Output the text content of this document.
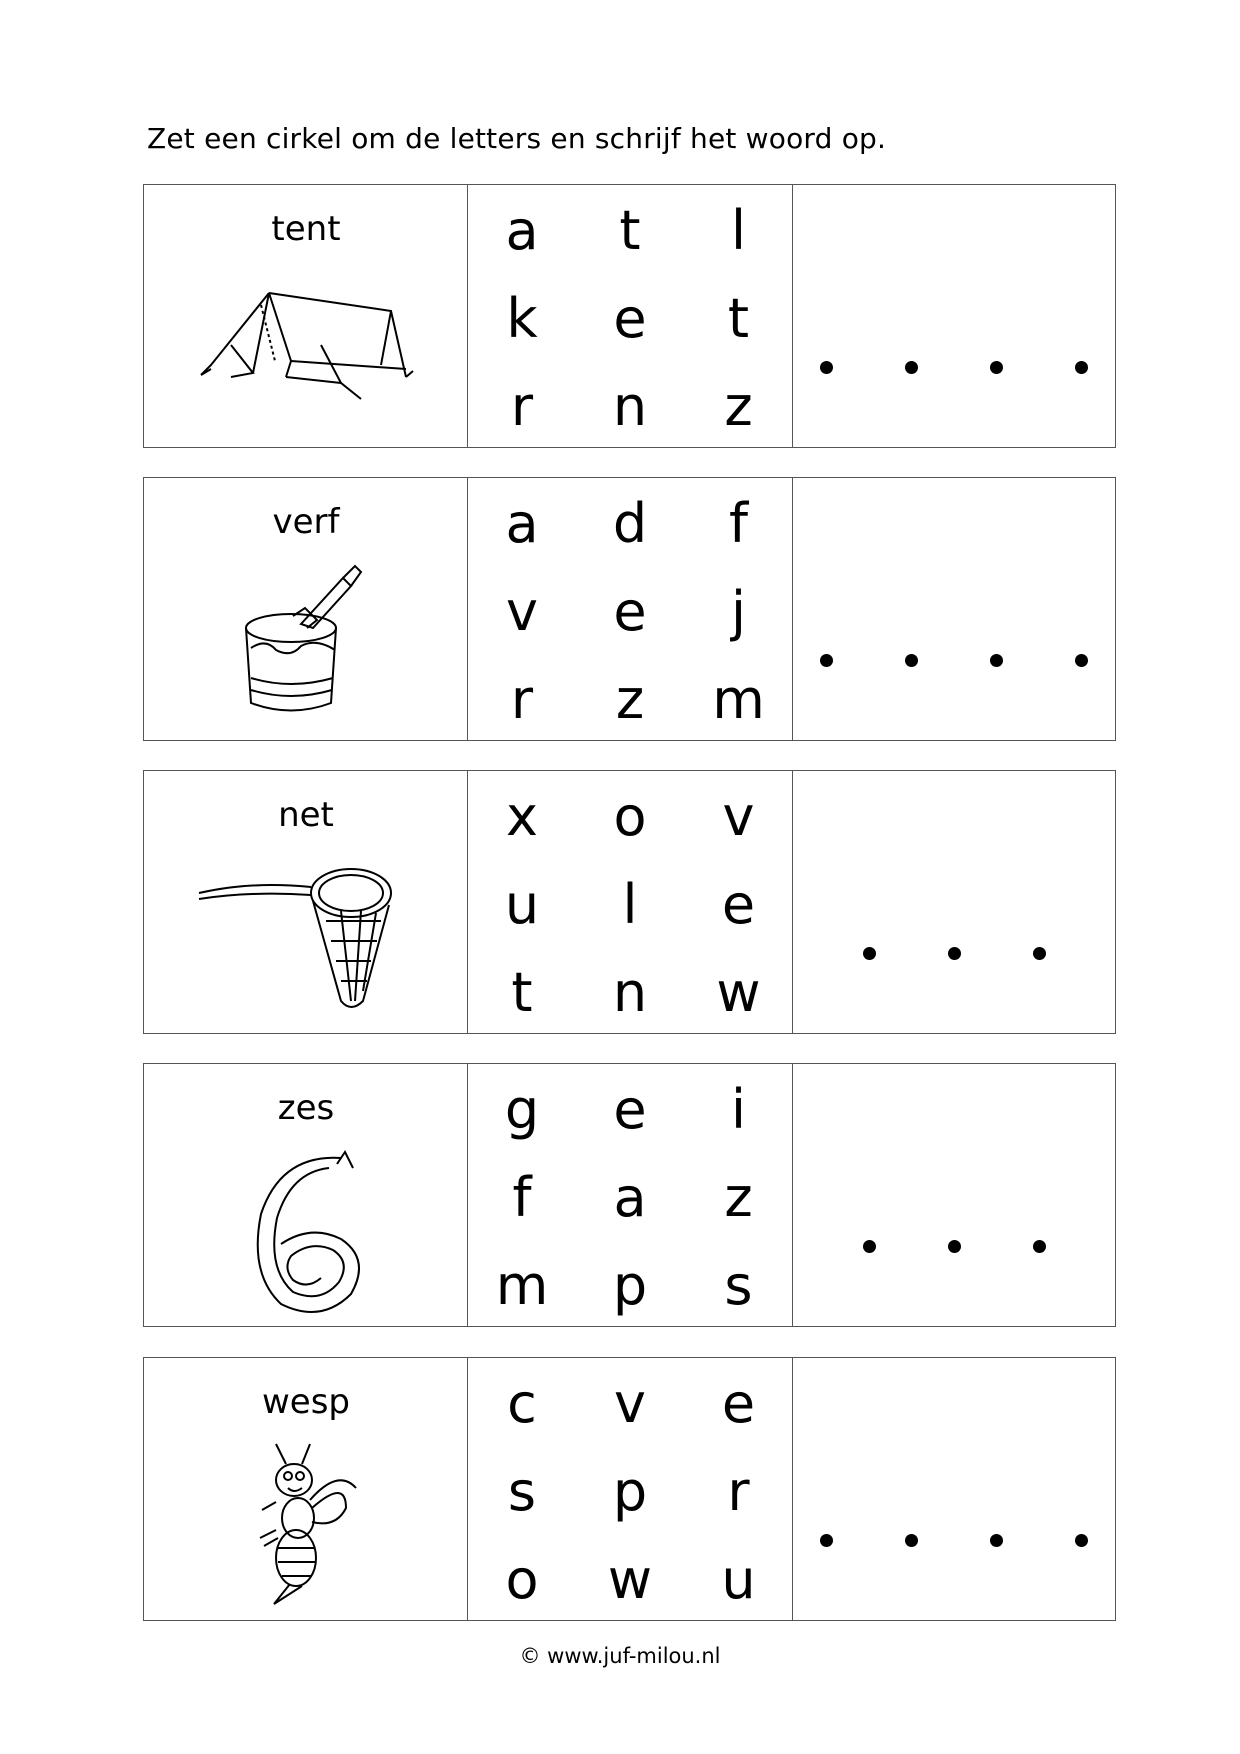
Zet een cirkel om de letters en schrijf het woord op.
tent	a	t	l
k	e	t
r	n	z
verf	a	d	f
v	e	j
r	z	m
net	x	o	v
u	l	e
t	n	w
zes	g	e	i
f	a	z
m	p	s
wesp	c	v	e
s	p	r
o	w	u
© www.juf-milou.nl
